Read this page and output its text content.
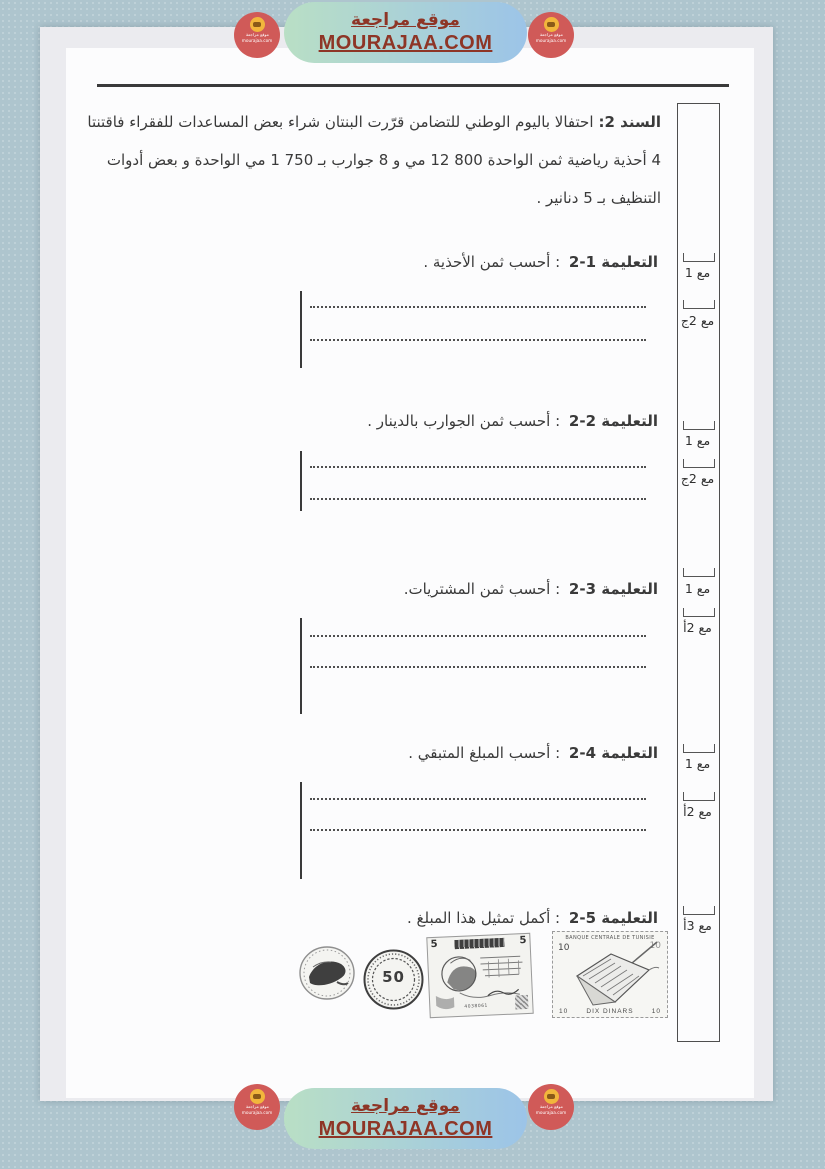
موقع مراجعة
mourajaa.com
موقع مراجعة
mourajaa.com
موقع مراجعة
MOURAJAA.COM
مع 1
مع 2ج
مع 1
مع 2ج
مع 1
مع 2أ
مع 1
مع 2أ
مع 3أ
السند 2:احتفالا باليوم الوطني للتضامن قرّرت البنتان شراء بعض المساعدات للفقراء فاقتنتا
4 أحذية رياضية ثمن الواحدة 12 800 مي و 8 جوارب بـ 1 750 مي الواحدة و بعض أدوات
التنظيف بـ 5 دنانير .
التعليمة 1-2 : أحسب ثمن الأحذية .
التعليمة 2-2 : أحسب ثمن الجوارب بالدينار .
التعليمة 3-2 : أحسب ثمن المشتريات.
التعليمة 4-2 : أحسب المبلغ المتبقي .
التعليمة 5-2 : أكمل تمثيل هذا المبلغ .
50
5	5
4038061
BANQUE CENTRALE DE TUNISIE
10	10
10	DIX DINARS	10
موقع مراجعة
mourajaa.com
موقع مراجعة
mourajaa.com
موقع مراجعة
MOURAJAA.COM
